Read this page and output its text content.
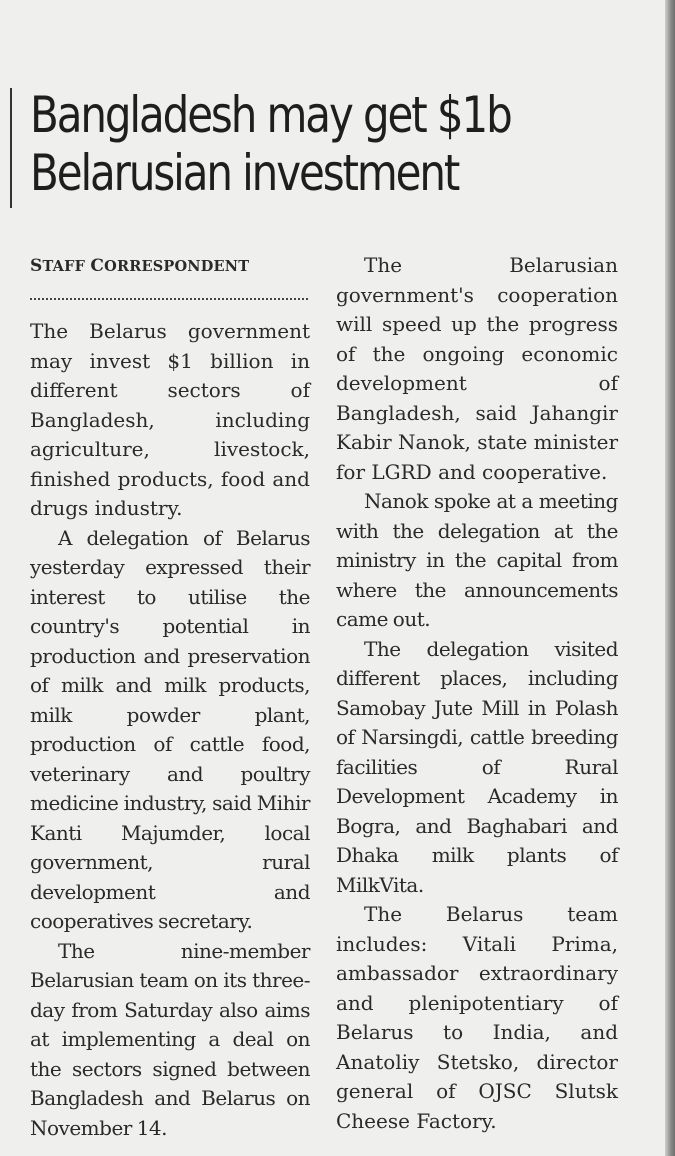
Bangladesh may get $1b
Belarusian investment
STAFF CORRESPONDENT

The Belarus government may invest $1 billion in different sectors of Bangladesh, including agriculture, livestock, finished products, food and drugs industry.

A delegation of Belarus yesterday expressed their interest to utilise the country's potential in production and preservation of milk and milk products, milk powder plant, production of cattle food, veterinary and poultry medicine industry, said Mihir Kanti Majumder, local government, rural development and cooperatives secretary.

The nine-member Belarusian team on its three-day from Saturday also aims at implementing a deal on the sectors signed between Bangladesh and Belarus on November 14.

The Belarusian government's cooperation will speed up the progress of the ongoing economic development of Bangladesh, said Jahangir Kabir Nanok, state minister for LGRD and cooperative.

Nanok spoke at a meeting with the delegation at the ministry in the capital from where the announcements came out.

The delegation visited different places, including Samobay Jute Mill in Polash of Narsingdi, cattle breeding facilities of Rural Development Academy in Bogra, and Baghabari and Dhaka milk plants of MilkVita.

The Belarus team includes: Vitali Prima, ambassador extraordinary and plenipotentiary of Belarus to India, and Anatoliy Stetsko, director general of OJSC Slutsk Cheese Factory.
